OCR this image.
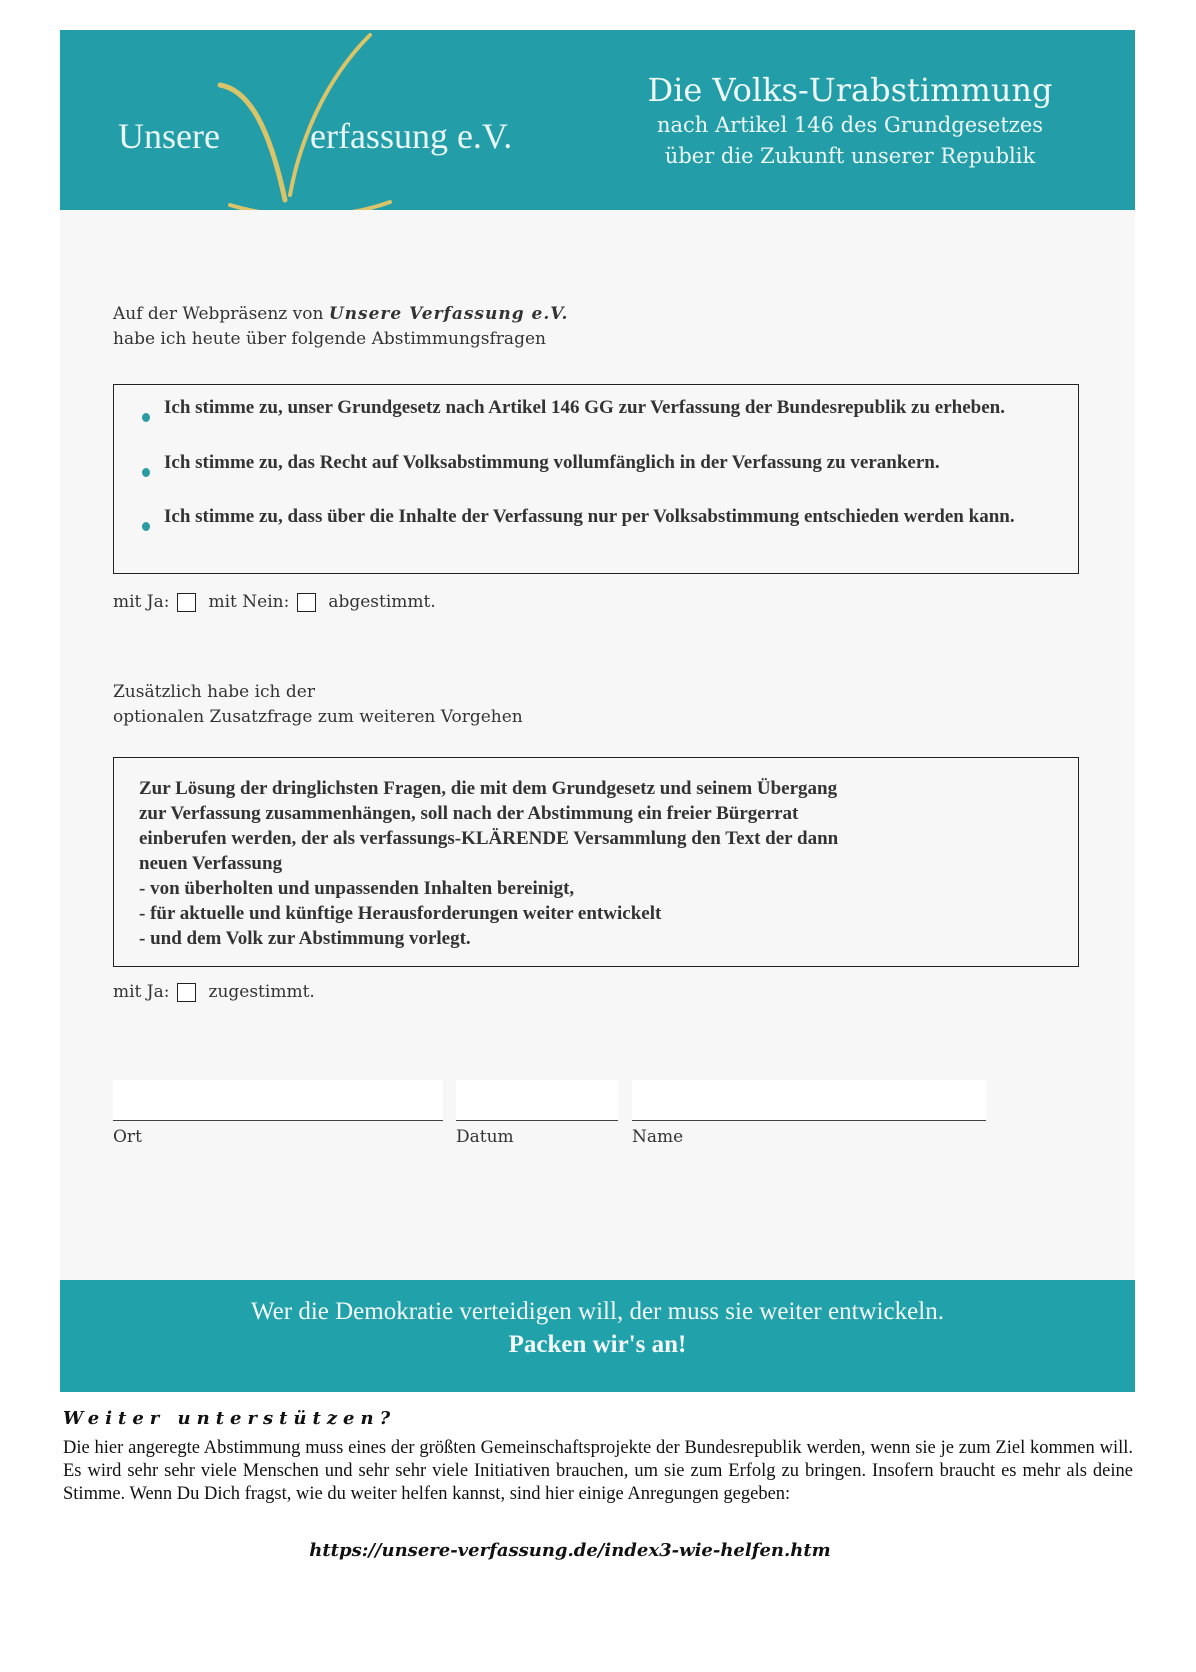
Unsere	erfassung e.V.
Die Volks-Urabstimmung
nach Artikel 146 des Grundgesetzes
über die Zukunft unserer Republik
Auf der Webpräsenz von Unsere Verfassung e.V.
habe ich heute über folgende Abstimmungsfragen
Ich stimme zu, unser Grundgesetz nach Artikel 146 GG zur Verfassung der Bundesrepublik zu erheben.
Ich stimme zu, das Recht auf Volksabstimmung vollumfänglich in der Verfassung zu verankern.
Ich stimme zu, dass über die Inhalte der Verfassung nur per Volksabstimmung entschieden werden kann.
mit Ja: mit Nein: abgestimmt.
Zusätzlich habe ich der
optionalen Zusatzfrage zum weiteren Vorgehen
Zur Lösung der dringlichsten Fragen, die mit dem Grundgesetz und seinem Übergang
zur Verfassung zusammenhängen, soll nach der Abstimmung ein freier Bürgerrat
einberufen werden, der als verfassungs-KLÄRENDE Versammlung den Text der dann
neuen Verfassung
- von überholten und unpassenden Inhalten bereinigt,
- für aktuelle und künftige Herausforderungen weiter entwickelt
- und dem Volk zur Abstimmung vorlegt.
mit Ja: zugestimmt.
Ort	Datum	Name
Wer die Demokratie verteidigen will, der muss sie weiter entwickeln.
Packen wir's an!
Weiter unterstützen?
Die hier angeregte Abstimmung muss eines der größten Gemeinschaftsprojekte der Bundesrepublik werden, wenn sie je zum Ziel kommen will. Es wird sehr sehr viele Menschen und sehr sehr viele Initiativen brauchen, um sie zum Erfolg zu bringen. Insofern braucht es mehr als deine Stimme. Wenn Du Dich fragst, wie du weiter helfen kannst, sind hier einige Anregungen gegeben:
https://unsere-verfassung.de/index3-wie-helfen.htm
